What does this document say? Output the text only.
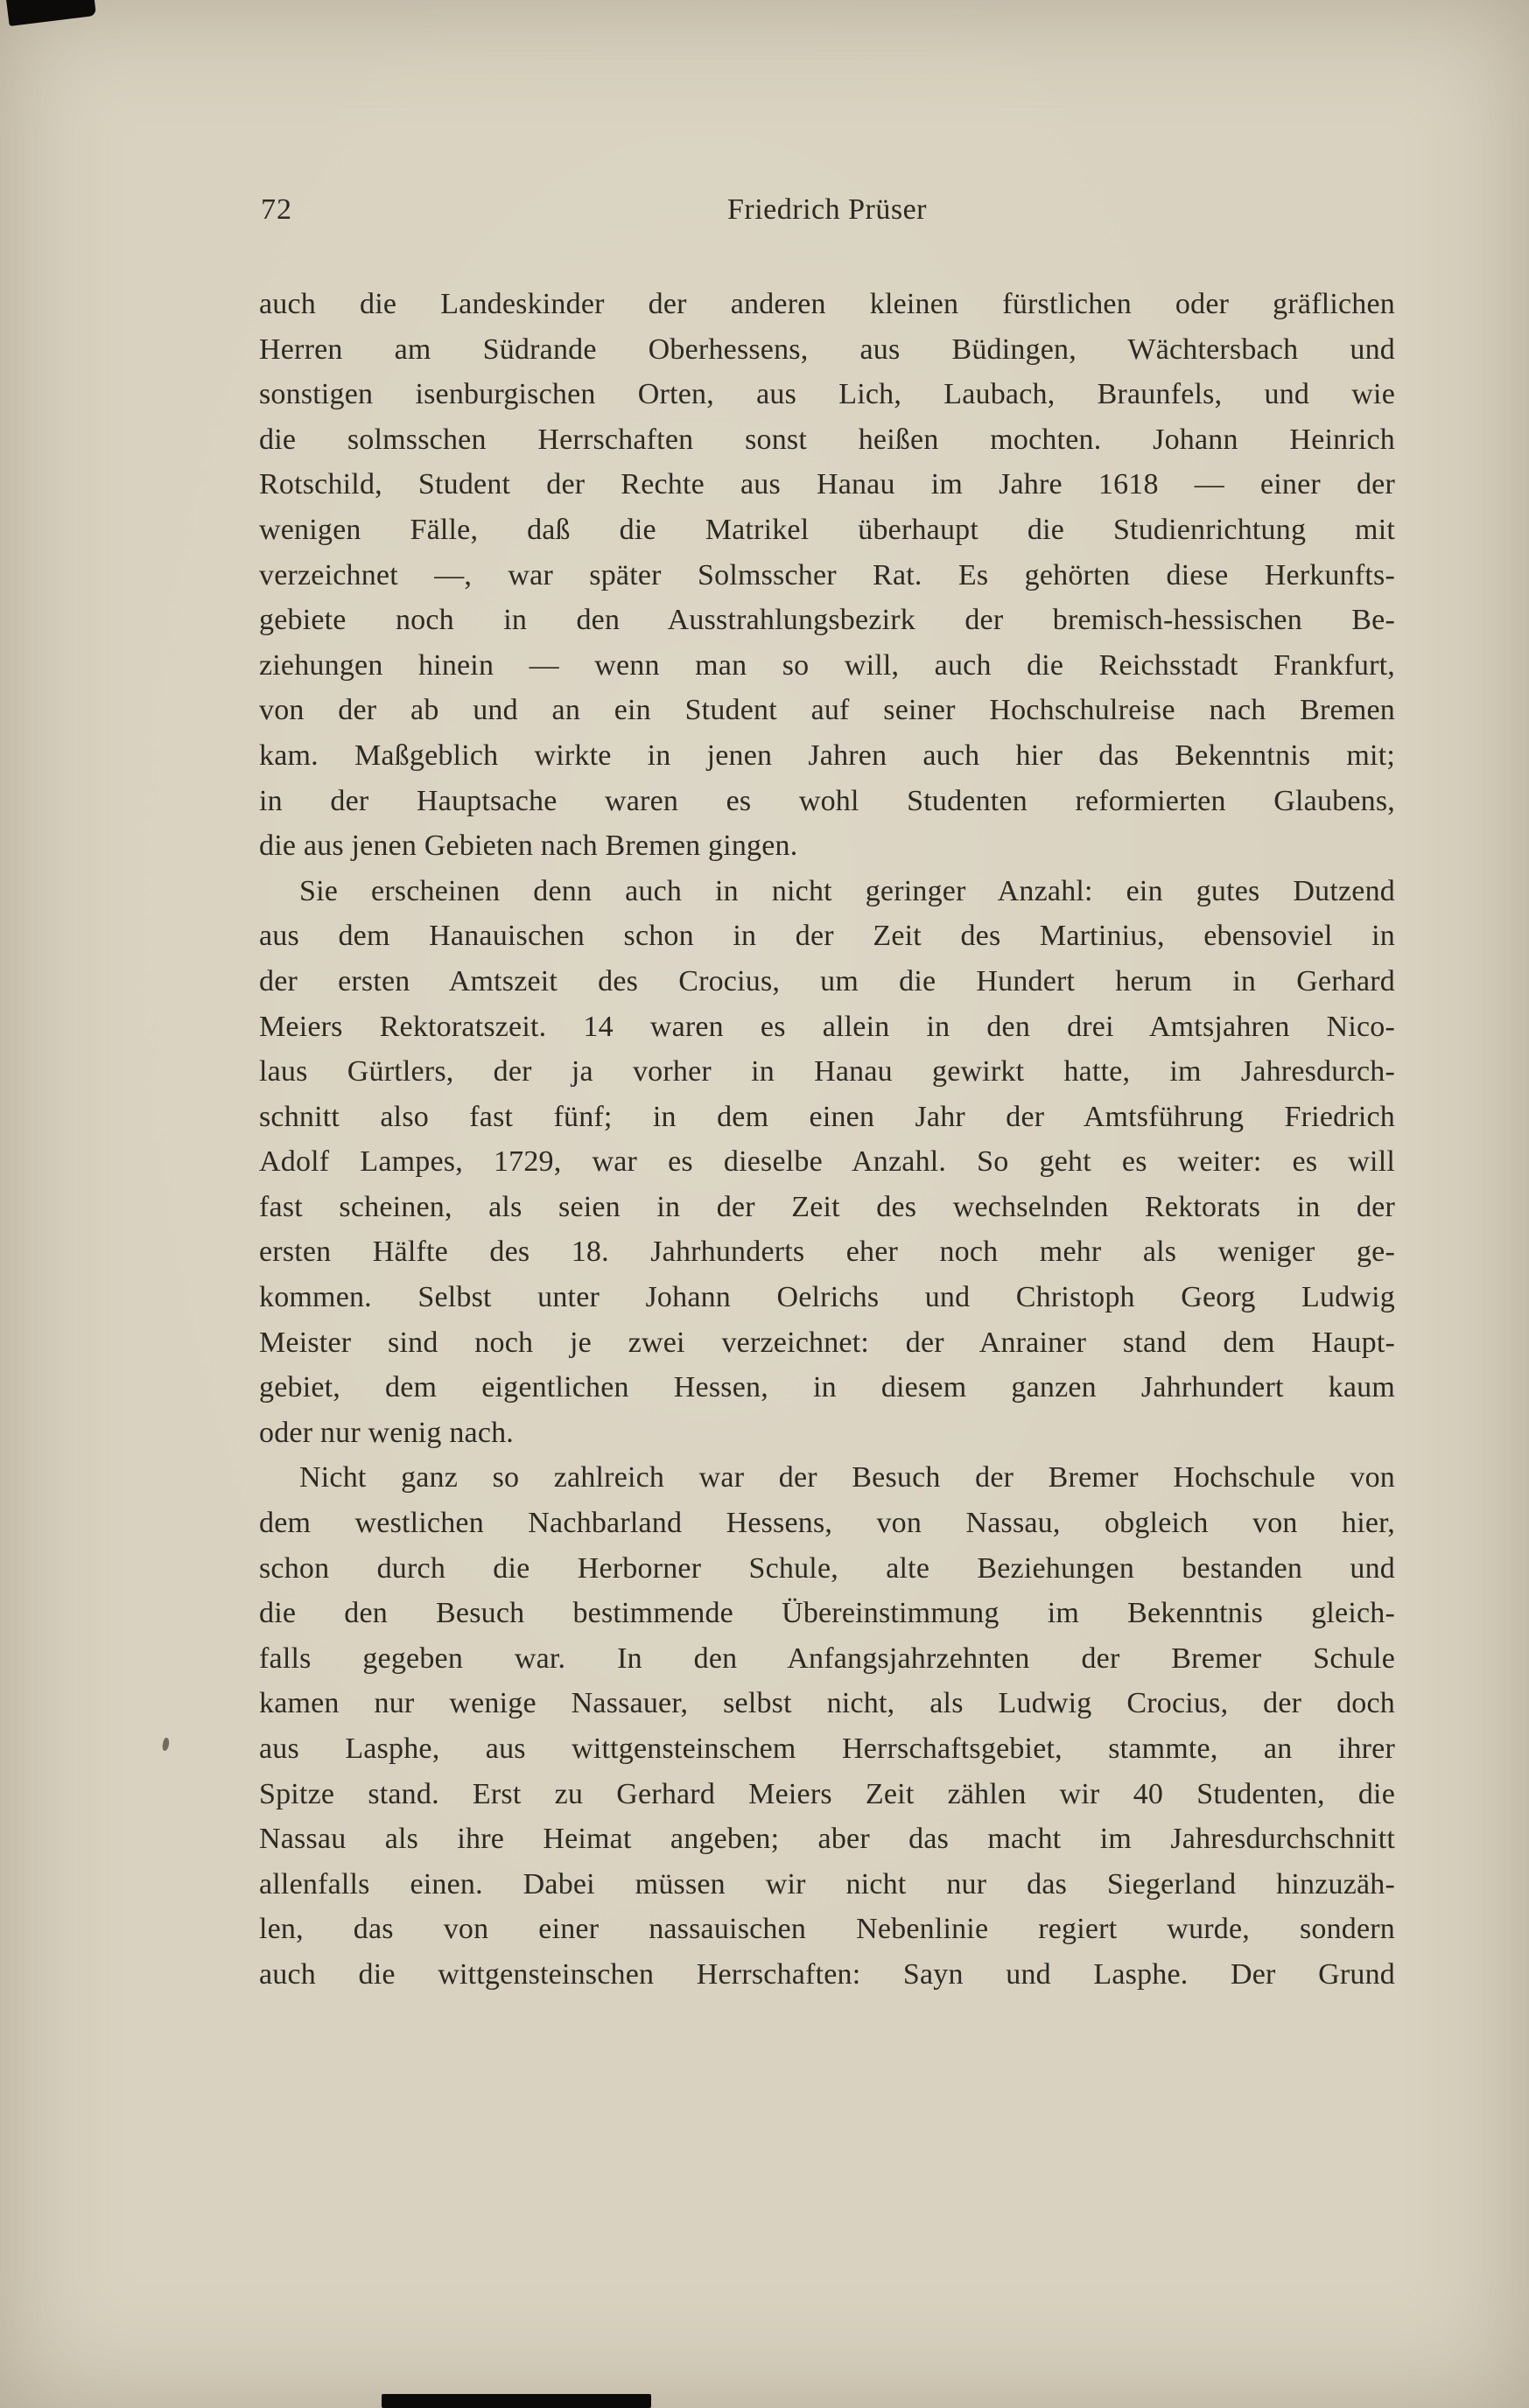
72	Friedrich Prüser
auch die Landeskinder der anderen kleinen fürstlichen oder gräflichen
Herren am Südrande Oberhessens, aus Büdingen, Wächtersbach und
sonstigen isenburgischen Orten, aus Lich, Laubach, Braunfels, und wie
die solmsschen Herrschaften sonst heißen mochten. Johann Heinrich
Rotschild, Student der Rechte aus Hanau im Jahre 1618 — einer der
wenigen Fälle, daß die Matrikel überhaupt die Studienrichtung mit
verzeichnet —, war später Solmsscher Rat. Es gehörten diese Herkunfts-
gebiete noch in den Ausstrahlungsbezirk der bremisch-hessischen Be-
ziehungen hinein — wenn man so will, auch die Reichsstadt Frankfurt,
von der ab und an ein Student auf seiner Hochschulreise nach Bremen
kam. Maßgeblich wirkte in jenen Jahren auch hier das Bekenntnis mit;
in der Hauptsache waren es wohl Studenten reformierten Glaubens,
die aus jenen Gebieten nach Bremen gingen.
Sie erscheinen denn auch in nicht geringer Anzahl: ein gutes Dutzend
aus dem Hanauischen schon in der Zeit des Martinius, ebensoviel in
der ersten Amtszeit des Crocius, um die Hundert herum in Gerhard
Meiers Rektoratszeit. 14 waren es allein in den drei Amtsjahren Nico-
laus Gürtlers, der ja vorher in Hanau gewirkt hatte, im Jahresdurch-
schnitt also fast fünf; in dem einen Jahr der Amtsführung Friedrich
Adolf Lampes, 1729, war es dieselbe Anzahl. So geht es weiter: es will
fast scheinen, als seien in der Zeit des wechselnden Rektorats in der
ersten Hälfte des 18. Jahrhunderts eher noch mehr als weniger ge-
kommen. Selbst unter Johann Oelrichs und Christoph Georg Ludwig
Meister sind noch je zwei verzeichnet: der Anrainer stand dem Haupt-
gebiet, dem eigentlichen Hessen, in diesem ganzen Jahrhundert kaum
oder nur wenig nach.
Nicht ganz so zahlreich war der Besuch der Bremer Hochschule von
dem westlichen Nachbarland Hessens, von Nassau, obgleich von hier,
schon durch die Herborner Schule, alte Beziehungen bestanden und
die den Besuch bestimmende Übereinstimmung im Bekenntnis gleich-
falls gegeben war. In den Anfangsjahrzehnten der Bremer Schule
kamen nur wenige Nassauer, selbst nicht, als Ludwig Crocius, der doch
aus Lasphe, aus wittgensteinschem Herrschaftsgebiet, stammte, an ihrer
Spitze stand. Erst zu Gerhard Meiers Zeit zählen wir 40 Studenten, die
Nassau als ihre Heimat angeben; aber das macht im Jahresdurchschnitt
allenfalls einen. Dabei müssen wir nicht nur das Siegerland hinzuzäh-
len, das von einer nassauischen Nebenlinie regiert wurde, sondern
auch die wittgensteinschen Herrschaften: Sayn und Lasphe. Der Grund
